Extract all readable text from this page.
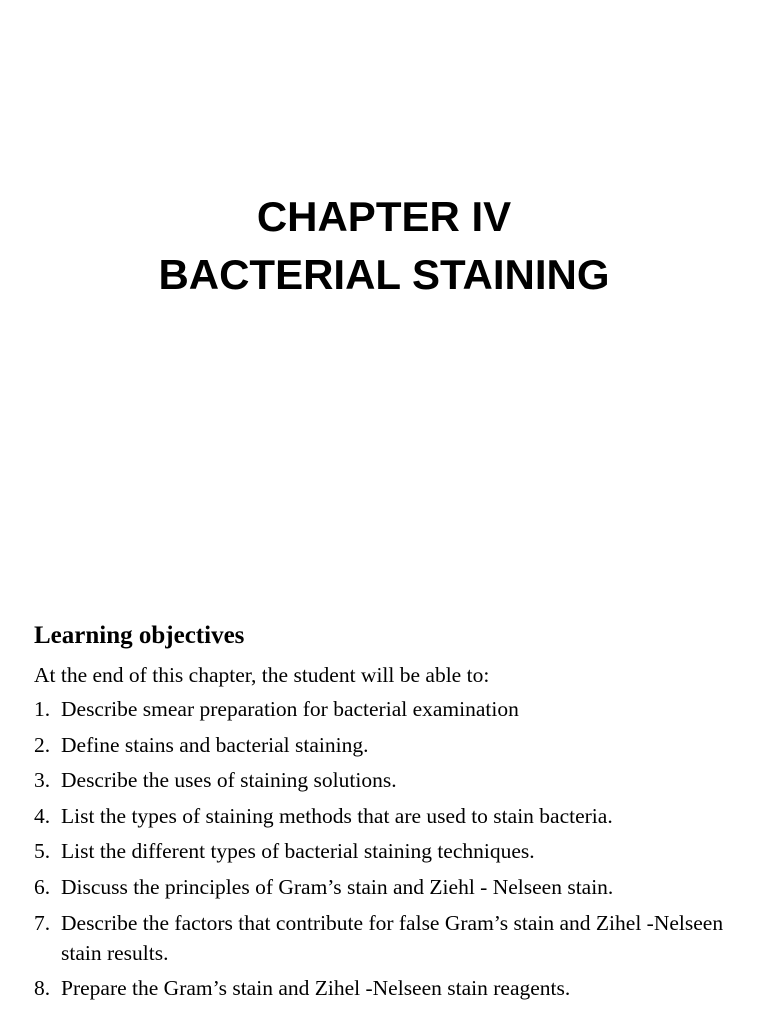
CHAPTER IV
BACTERIAL STAINING
Learning objectives

At the end of this chapter, the student will be able to:

1. Describe smear preparation for bacterial examination
2. Define stains and bacterial staining.
3. Describe the uses of staining solutions.
4. List the types of staining methods that are used to stain bacteria.
5. List the different types of bacterial staining techniques.
6. Discuss the principles of Gram’s stain and Ziehl - Nelseen stain.
7. Describe the factors that contribute for false Gram’s stain and Zihel -Nelseen stain results.
8. Prepare the Gram’s stain and Zihel -Nelseen stain reagents.
